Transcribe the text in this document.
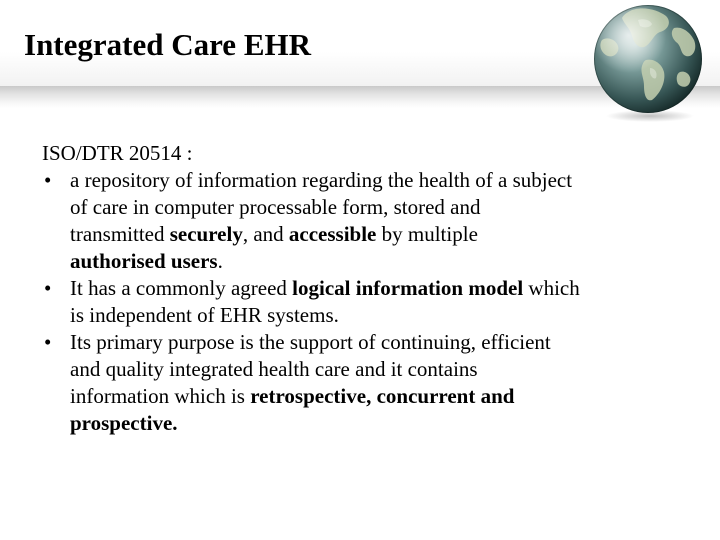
Integrated Care EHR

ISO/DTR 20514 :

• a repository of information regarding the health of a subject
of care in computer processable form, stored and
transmitted securely, and accessible by multiple
authorised users.
• It has a commonly agreed logical information model which
is independent of EHR systems.
• Its primary purpose is the support of continuing, efficient
and quality integrated health care and it contains
information which is retrospective, concurrent and
prospective.
